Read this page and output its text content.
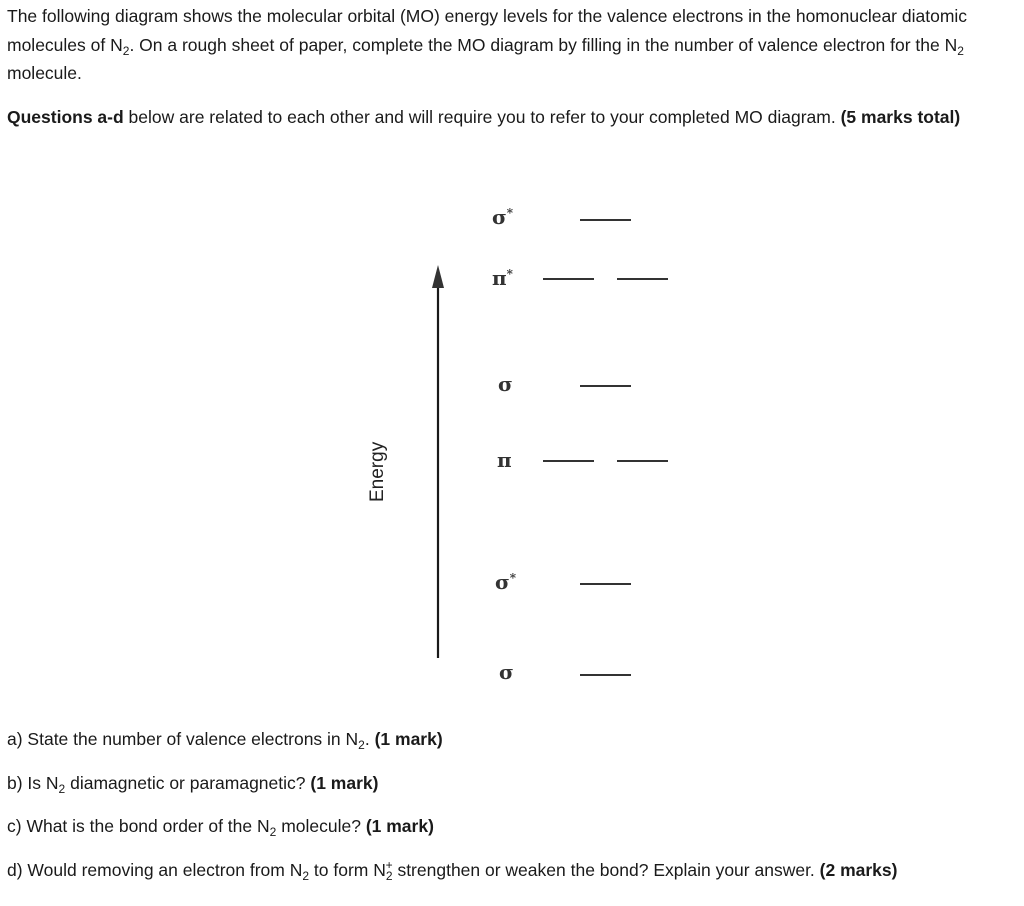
The following diagram shows the molecular orbital (MO) energy levels for the valence electrons in the homonuclear diatomic molecules of $N_2$. On a rough sheet of paper, complete the MO diagram by filling in the number of valence electron for the $N_2$ molecule.

Questions a-d below are related to each other and will require you to refer to your completed MO diagram. (5 marks total)

Energy
σ*
π*
σ
π
σ*
σ

a) State the number of valence electrons in $N_2$. (1 mark)

b) Is $N_2$ diamagnetic or paramagnetic? (1 mark)

c) What is the bond order of the $N_2$ molecule? (1 mark)

d) Would removing an electron from $N_2$ to form $N_2^+$ strengthen or weaken the bond? Explain your answer. (2 marks)
